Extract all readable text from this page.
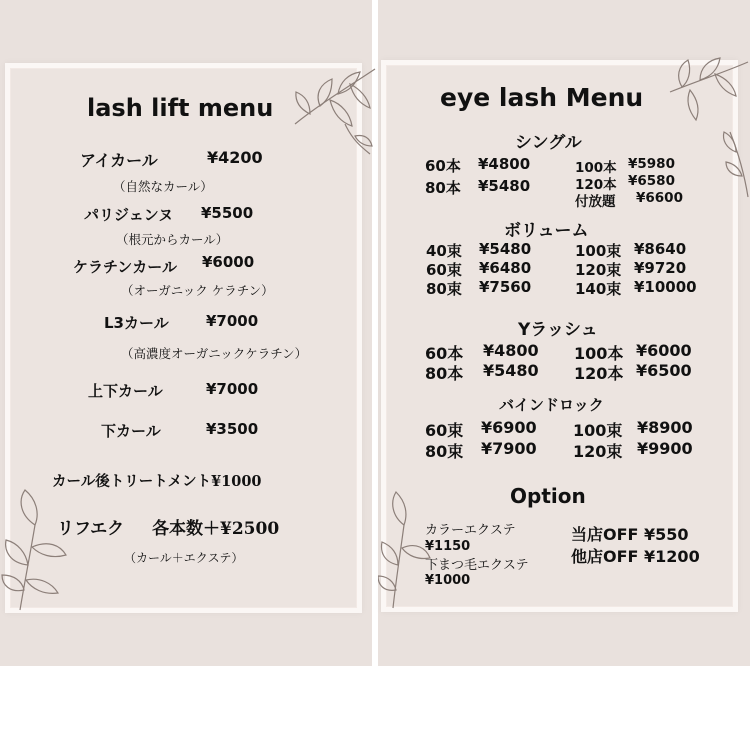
lash lift menu
アイカール	¥4200
（自然なカール）
パリジェンヌ ¥5500
（根元からカール）
ケラチンカール ¥6000
（オーガニック ケラチン）
L3カール ¥7000
（高濃度オーガニックケラチン）
上下カール	¥7000
下カール	¥3500
カール後トリートメント¥1000
リフエク 各本数＋¥2500
（カール＋エクステ）
eye lash Menu
シングル
60本 ¥4800
80本 ¥5480
100本 ¥5980
120本 ¥6580
付放題 ¥6600
ボリューム
40束 ¥5480
60束 ¥6480
80束 ¥7560
100束 ¥8640
120束 ¥9720
140束 ¥10000
Yラッシュ
60本 ¥4800
80本 ¥5480
100本 ¥6000
120本 ¥6500
バインドロック
60束 ¥6900
80束 ¥7900
100束 ¥8900
120束 ¥9900
Option
カラーエクステ
¥1150
下まつ毛エクステ
¥1000
当店OFF ¥550
他店OFF ¥1200
